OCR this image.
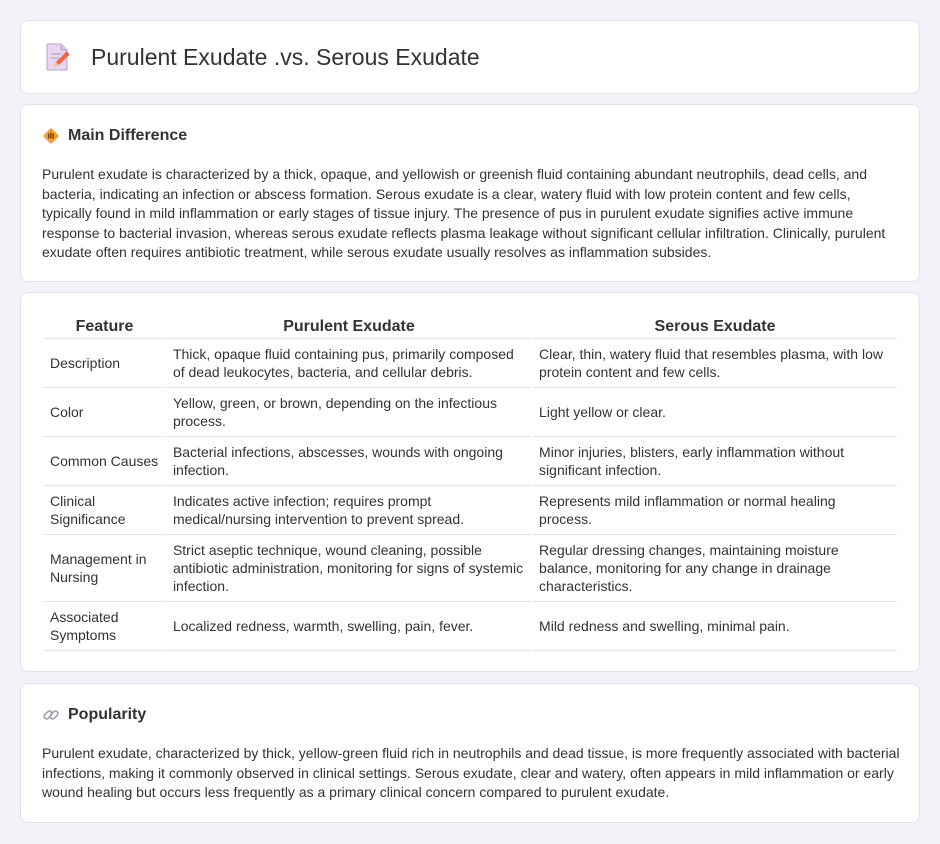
Purulent Exudate .vs. Serous Exudate
Main Difference

Purulent exudate is characterized by a thick, opaque, and yellowish or greenish fluid containing abundant neutrophils, dead cells, and bacteria, indicating an infection or abscess formation. Serous exudate is a clear, watery fluid with low protein content and few cells, typically found in mild inflammation or early stages of tissue injury. The presence of pus in purulent exudate signifies active immune response to bacterial invasion, whereas serous exudate reflects plasma leakage without significant cellular infiltration. Clinically, purulent exudate often requires antibiotic treatment, while serous exudate usually resolves as inflammation subsides.

Feature	Purulent Exudate	Serous Exudate
Description	Thick, opaque fluid containing pus, primarily composed of dead leukocytes, bacteria, and cellular debris.	Clear, thin, watery fluid that resembles plasma, with low protein content and few cells.
Color	Yellow, green, or brown, depending on the infectious process.	Light yellow or clear.
Common Causes	Bacterial infections, abscesses, wounds with ongoing infection.	Minor injuries, blisters, early inflammation without significant infection.
Clinical Significance	Indicates active infection; requires prompt medical/nursing intervention to prevent spread.	Represents mild inflammation or normal healing process.
Management in Nursing	Strict aseptic technique, wound cleaning, possible antibiotic administration, monitoring for signs of systemic infection.	Regular dressing changes, maintaining moisture balance, monitoring for any change in drainage characteristics.
Associated Symptoms	Localized redness, warmth, swelling, pain, fever.	Mild redness and swelling, minimal pain.
Popularity

Purulent exudate, characterized by thick, yellow-green fluid rich in neutrophils and dead tissue, is more frequently associated with bacterial infections, making it commonly observed in clinical settings. Serous exudate, clear and watery, often appears in mild inflammation or early wound healing but occurs less frequently as a primary clinical concern compared to purulent exudate.
